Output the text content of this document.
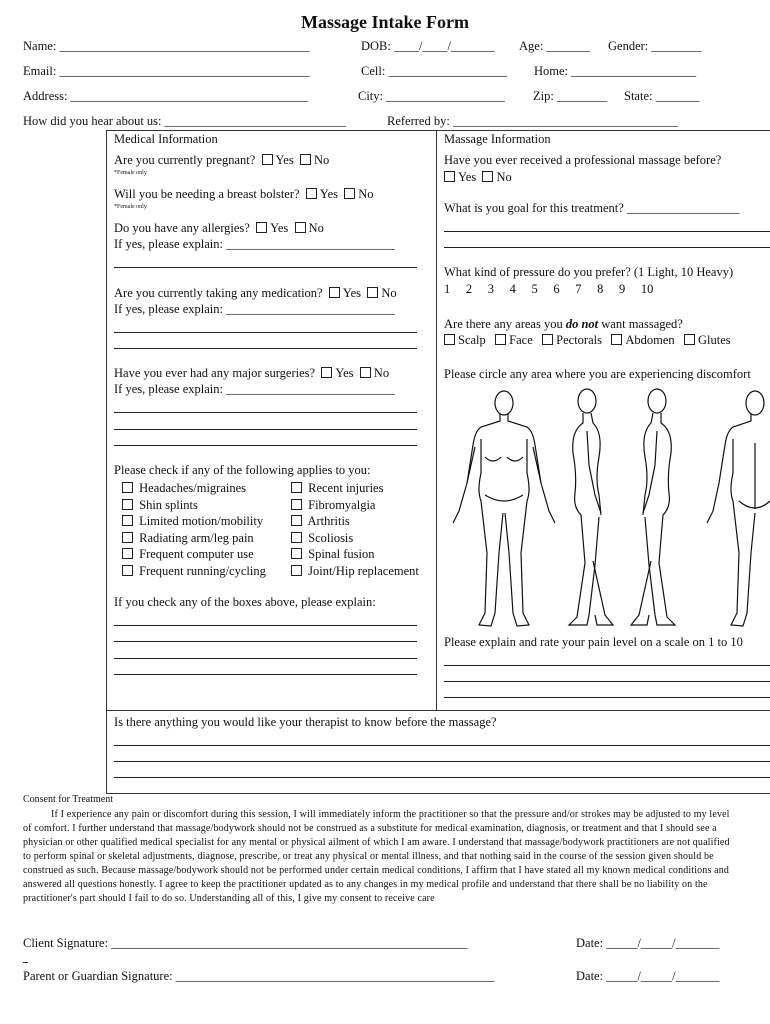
Massage Intake Form
Name: ________________________________________	DOB: ____/____/_______ Age: _______ Gender: ________
Email: ________________________________________	Cell: ___________________ Home: ____________________
Address: ______________________________________	City: ___________________ Zip: ________ State: _______
How did you hear about us: _____________________________	Referred by: ____________________________________
Medical Information
Are you currently pregnant? Yes No
*Female only
Will you be needing a breast bolster? Yes No
*Female only
Do you have any allergies? Yes No
If yes, please explain: ___________________________
Are you currently taking any medication? Yes No
If yes, please explain: ___________________________
Have you ever had any major surgeries? Yes No
If yes, please explain: ___________________________
Please check if any of the following applies to you:
Headaches/migraines
Shin splints
Limited motion/mobility
Radiating arm/leg pain
Frequent computer use
Frequent running/cycling
Recent injuries
Fibromyalgia
Arthritis
Scoliosis
Spinal fusion
Joint/Hip replacement
If you check any of the boxes above, please explain:
Massage Information
Have you ever received a professional massage before?
Yes No
What is you goal for this treatment? __________________
What kind of pressure do you prefer? (1 Light, 10 Heavy)
1 2 3 4 5 6 7 8 9 10
Are there any areas you do not want massaged?
Scalp Face Pectorals Abdomen Glutes
Please circle any area where you are experiencing discomfort
Please explain and rate your pain level on a scale on 1 to 10
Is there anything you would like your therapist to know before the massage?
Consent for Treatment

If I experience any pain or discomfort during this session, I will immediately inform the practitioner so that the pressure and/or strokes may be adjusted to my level of comfort. I further understand that massage/bodywork should not be construed as a substitute for medical examination, diagnosis, or treatment and that I should see a physician or other qualified medical specialist for any mental or physical ailment of which I am aware. I understand that massage/bodywork practitioners are not qualified to perform spinal or skeletal adjustments, diagnose, prescribe, or treat any physical or mental illness, and that nothing said in the course of the session given should be construed as such. Because massage/bodywork should not be performed under certain medical conditions, I affirm that I have stated all my known medical conditions and answered all questions honestly. I agree to keep the practitioner updated as to any changes in my medical profile and understand that there shall be no liability on the practitioner's part should I fail to do so. Understanding all of this, I give my consent to receive care

Client Signature: _________________________________________________________	Date: _____/_____/_______
Parent or Guardian Signature: ___________________________________________________	Date: _____/_____/_______
